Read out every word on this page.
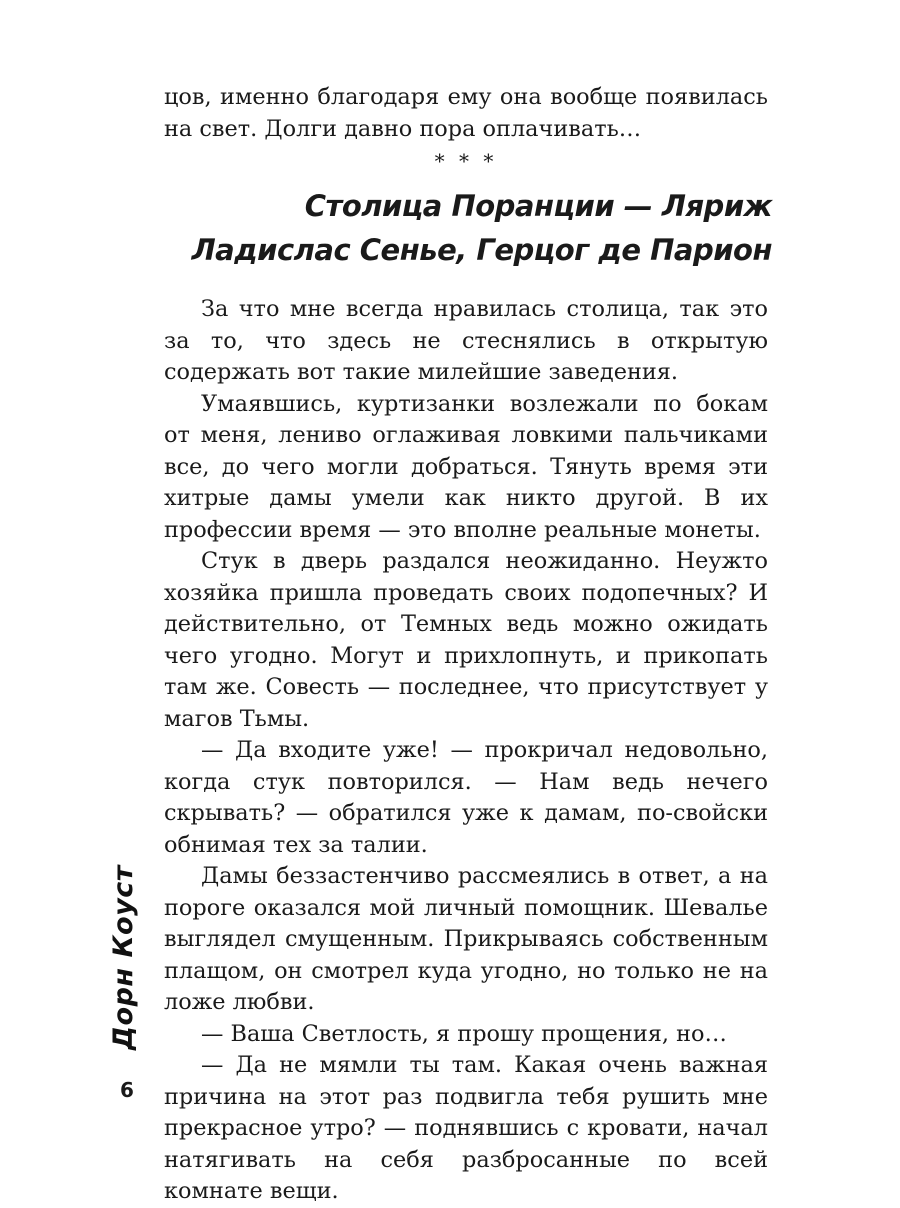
цов, именно благодаря ему она вообще появилась на свет. Долги давно пора оплачивать…

* * *
Столица Поранции — Ляриж
Ладислас Сенье, Герцог де Парион

За что мне всегда нравилась столица, так это за то, что здесь не стеснялись в открытую содержать вот такие милейшие заведения.

Умаявшись, куртизанки возлежали по бокам от меня, лениво оглаживая ловкими пальчиками все, до чего могли добраться. Тянуть время эти хитрые дамы умели как никто другой. В их профессии время — это вполне реальные монеты.

Стук в дверь раздался неожиданно. Неужто хозяйка пришла проведать своих подопечных? И действительно, от Темных ведь можно ожидать чего угодно. Могут и прихлопнуть, и прикопать там же. Совесть — последнее, что присутствует у магов Тьмы.

— Да входите уже! — прокричал недовольно, когда стук повторился. — Нам ведь нечего скрывать? — обратился уже к дамам, по-свойски обнимая тех за талии.

Дамы беззастенчиво рассмеялись в ответ, а на пороге оказался мой личный помощник. Шевалье выглядел смущенным. Прикрываясь собственным плащом, он смотрел куда угодно, но только не на ложе любви.

— Ваша Светлость, я прошу прощения, но…

— Да не мямли ты там. Какая очень важная причина на этот раз подвигла тебя рушить мне прекрасное утро? — поднявшись с кровати, начал натягивать на себя разбросанные по всей комнате вещи.

Дорн Коуст
6
